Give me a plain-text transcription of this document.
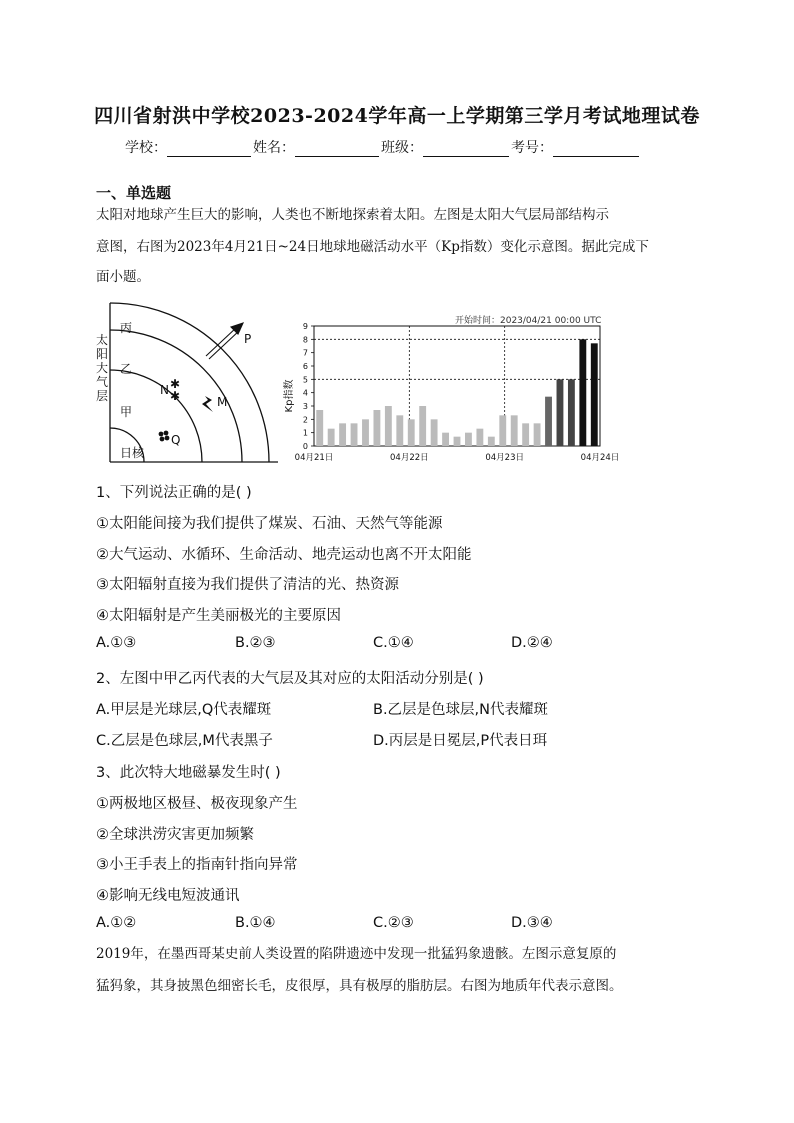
四川省射洪中学校2023-2024学年高一上学期第三学月考试地理试卷
学校：	姓名：	班级：	考号：
一、单选题
太阳对地球产生巨大的影响，人类也不断地探索着太阳。左图是太阳大气层局部结构示
意图，右图为2023年4月21日~24日地球地磁活动水平（Kp指数）变化示意图。据此完成下
面小题。
太
阳
大
气
层
丙
乙
甲
日核
P
N
M
Q
✱
✱
开始时间：2023/04/21 00:00 UTC
Kp指数
0
1
2
3
4
5
6
7
8
9
04月21日	04月22日	04月23日	04月24日
1、下列说法正确的是( )
①太阳能间接为我们提供了煤炭、石油、天然气等能源
②大气运动、水循环、生命活动、地壳运动也离不开太阳能
③太阳辐射直接为我们提供了清洁的光、热资源
④太阳辐射是产生美丽极光的主要原因
A.①③	B.②③	C.①④	D.②④
2、左图中甲乙丙代表的大气层及其对应的太阳活动分别是( )
A.甲层是光球层,Q代表耀斑	B.乙层是色球层,N代表耀斑
C.乙层是色球层,M代表黑子	D.丙层是日冕层,P代表日珥
3、此次特大地磁暴发生时( )
①两极地区极昼、极夜现象产生
②全球洪涝灾害更加频繁
③小王手表上的指南针指向异常
④影响无线电短波通讯
A.①②	B.①④	C.②③	D.③④
2019年，在墨西哥某史前人类设置的陷阱遗迹中发现一批猛犸象遗骸。左图示意复原的
猛犸象，其身披黑色细密长毛，皮很厚，具有极厚的脂肪层。右图为地质年代表示意图。
